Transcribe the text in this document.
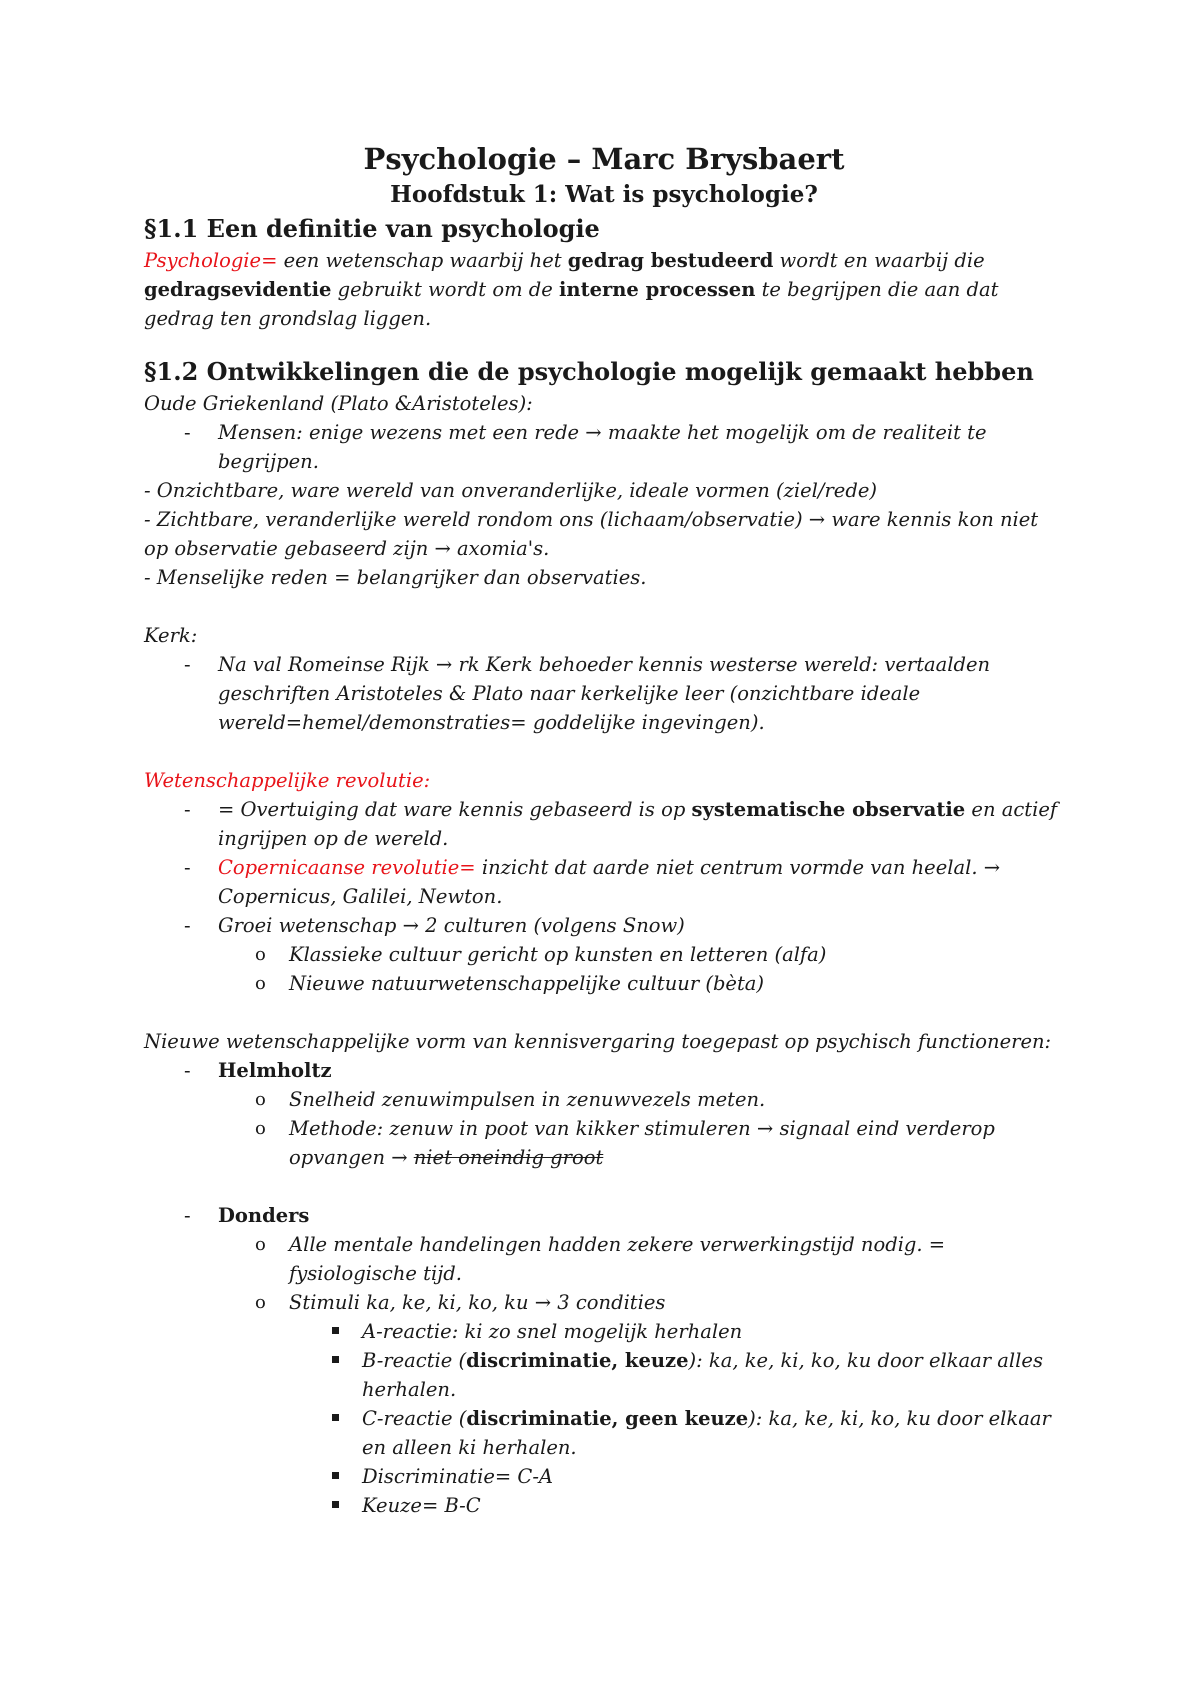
Psychologie – Marc Brysbaert
Hoofdstuk 1: Wat is psychologie?
§1.1 Een definitie van psychologie

Psychologie= een wetenschap waarbij het gedrag bestudeerd wordt en waarbij die gedragsevidentie gebruikt wordt om de interne processen te begrijpen die aan dat gedrag ten grondslag liggen.

§1.2 Ontwikkelingen die de psychologie mogelijk gemaakt hebben

Oude Griekenland (Plato &Aristoteles):

- Mensen: enige wezens met een rede → maakte het mogelijk om de realiteit te begrijpen.

- Onzichtbare, ware wereld van onveranderlijke, ideale vormen (ziel/rede)

- Zichtbare, veranderlijke wereld rondom ons (lichaam/observatie) → ware kennis kon niet op observatie gebaseerd zijn → axomia's.

- Menselijke reden = belangrijker dan observaties.

Kerk:

- Na val Romeinse Rijk → rk Kerk behoeder kennis westerse wereld: vertaalden geschriften Aristoteles & Plato naar kerkelijke leer (onzichtbare ideale wereld=hemel/demonstraties= goddelijke ingevingen).

Wetenschappelijke revolutie:

- = Overtuiging dat ware kennis gebaseerd is op systematische observatie en actief ingrijpen op de wereld.
- Copernicaanse revolutie= inzicht dat aarde niet centrum vormde van heelal. → Copernicus, Galilei, Newton.
- Groei wetenschap → 2 culturen (volgens Snow)
o Klassieke cultuur gericht op kunsten en letteren (alfa)
o Nieuwe natuurwetenschappelijke cultuur (bèta)

Nieuwe wetenschappelijke vorm van kennisvergaring toegepast op psychisch functioneren:

- Helmholtz
o Snelheid zenuwimpulsen in zenuwvezels meten.
o Methode: zenuw in poot van kikker stimuleren → signaal eind verderop opvangen → niet oneindig groot
- Donders
o Alle mentale handelingen hadden zekere verwerkingstijd nodig. = fysiologische tijd.
o Stimuli ka, ke, ki, ko, ku → 3 condities
A-reactie: ki zo snel mogelijk herhalen
B-reactie (discriminatie, keuze): ka, ke, ki, ko, ku door elkaar alles herhalen.
C-reactie (discriminatie, geen keuze): ka, ke, ki, ko, ku door elkaar en alleen ki herhalen.
Discriminatie= C-A
Keuze= B-C
